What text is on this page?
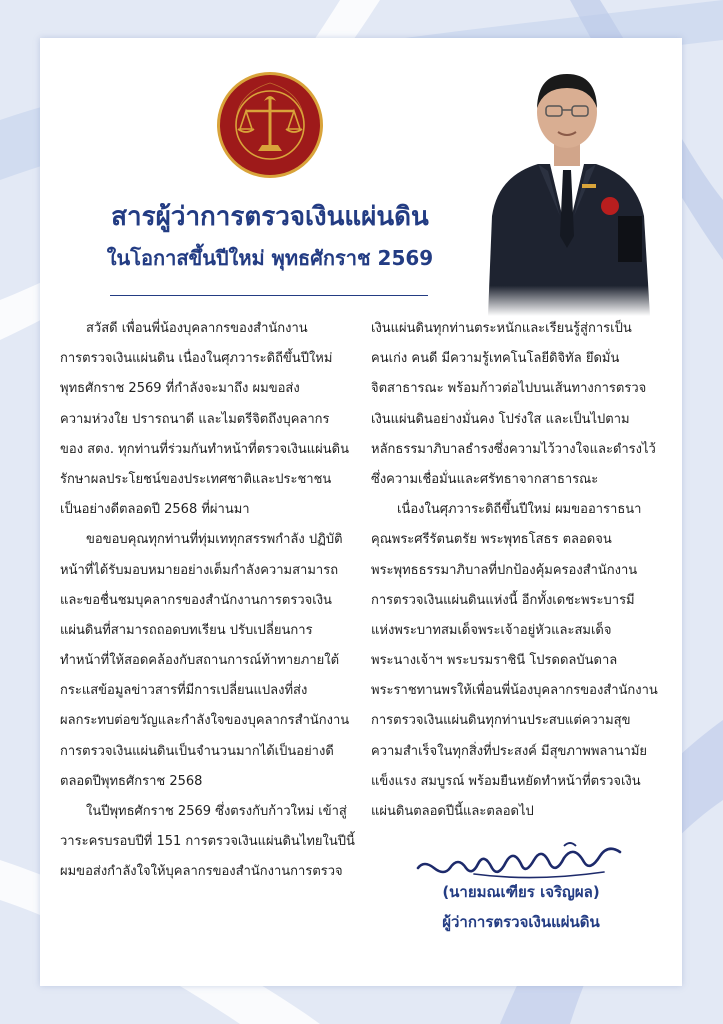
สารผู้ว่าการตรวจเงินแผ่นดิน
ในโอกาสขึ้นปีใหม่ พุทธศักราช 2569
สวัสดี เพื่อนพี่น้องบุคลากรของสำนักงาน
การตรวจเงินแผ่นดิน เนื่องในศุภวาระดิถีขึ้นปีใหม่
พุทธศักราช 2569 ที่กำลังจะมาถึง ผมขอส่ง
ความห่วงใย ปรารถนาดี และไมตรีจิตถึงบุคลากร
ของ สตง. ทุกท่านที่ร่วมกันทำหน้าที่ตรวจเงินแผ่นดิน
รักษาผลประโยชน์ของประเทศชาติและประชาชน
เป็นอย่างดีตลอดปี 2568 ที่ผ่านมา
ขอขอบคุณทุกท่านที่ทุ่มเททุกสรรพกำลัง ปฏิบัติ
หน้าที่ได้รับมอบหมายอย่างเต็มกำลังความสามารถ
และขอชื่นชมบุคลากรของสำนักงานการตรวจเงิน
แผ่นดินที่สามารถถอดบทเรียน ปรับเปลี่ยนการ
ทำหน้าที่ให้สอดคล้องกับสถานการณ์ท้าทายภายใต้
กระแสข้อมูลข่าวสารที่มีการเปลี่ยนแปลงที่ส่ง
ผลกระทบต่อขวัญและกำลังใจของบุคลากรสำนักงาน
การตรวจเงินแผ่นดินเป็นจำนวนมากได้เป็นอย่างดี
ตลอดปีพุทธศักราช 2568
ในปีพุทธศักราช 2569 ซึ่งตรงกับก้าวใหม่ เข้าสู่
วาระครบรอบปีที่ 151 การตรวจเงินแผ่นดินไทยในปีนี้
ผมขอส่งกำลังใจให้บุคลากรของสำนักงานการตรวจ
เงินแผ่นดินทุกท่านตระหนักและเรียนรู้สู่การเป็น
คนเก่ง คนดี มีความรู้เทคโนโลยีดิจิทัล ยึดมั่น
จิตสาธารณะ พร้อมก้าวต่อไปบนเส้นทางการตรวจ
เงินแผ่นดินอย่างมั่นคง โปร่งใส และเป็นไปตาม
หลักธรรมาภิบาลธำรงซึ่งความไว้วางใจและดำรงไว้
ซึ่งความเชื่อมั่นและศรัทธาจากสาธารณะ
เนื่องในศุภวาระดิถีขึ้นปีใหม่ ผมขออาราธนา
คุณพระศรีรัตนตรัย พระพุทธโสธร ตลอดจน
พระพุทธธรรมาภิบาลที่ปกป้องคุ้มครองสำนักงาน
การตรวจเงินแผ่นดินแห่งนี้ อีกทั้งเดชะพระบารมี
แห่งพระบาทสมเด็จพระเจ้าอยู่หัวและสมเด็จ
พระนางเจ้าฯ พระบรมราชินี โปรดดลบันดาล
พระราชทานพรให้เพื่อนพี่น้องบุคลากรของสำนักงาน
การตรวจเงินแผ่นดินทุกท่านประสบแต่ความสุข
ความสำเร็จในทุกสิ่งที่ประสงค์ มีสุขภาพพลานามัย
แข็งแรง สมบูรณ์ พร้อมยืนหยัดทำหน้าที่ตรวจเงิน
แผ่นดินตลอดปีนี้และตลอดไป
(นายมณเฑียร เจริญผล)
ผู้ว่าการตรวจเงินแผ่นดิน
